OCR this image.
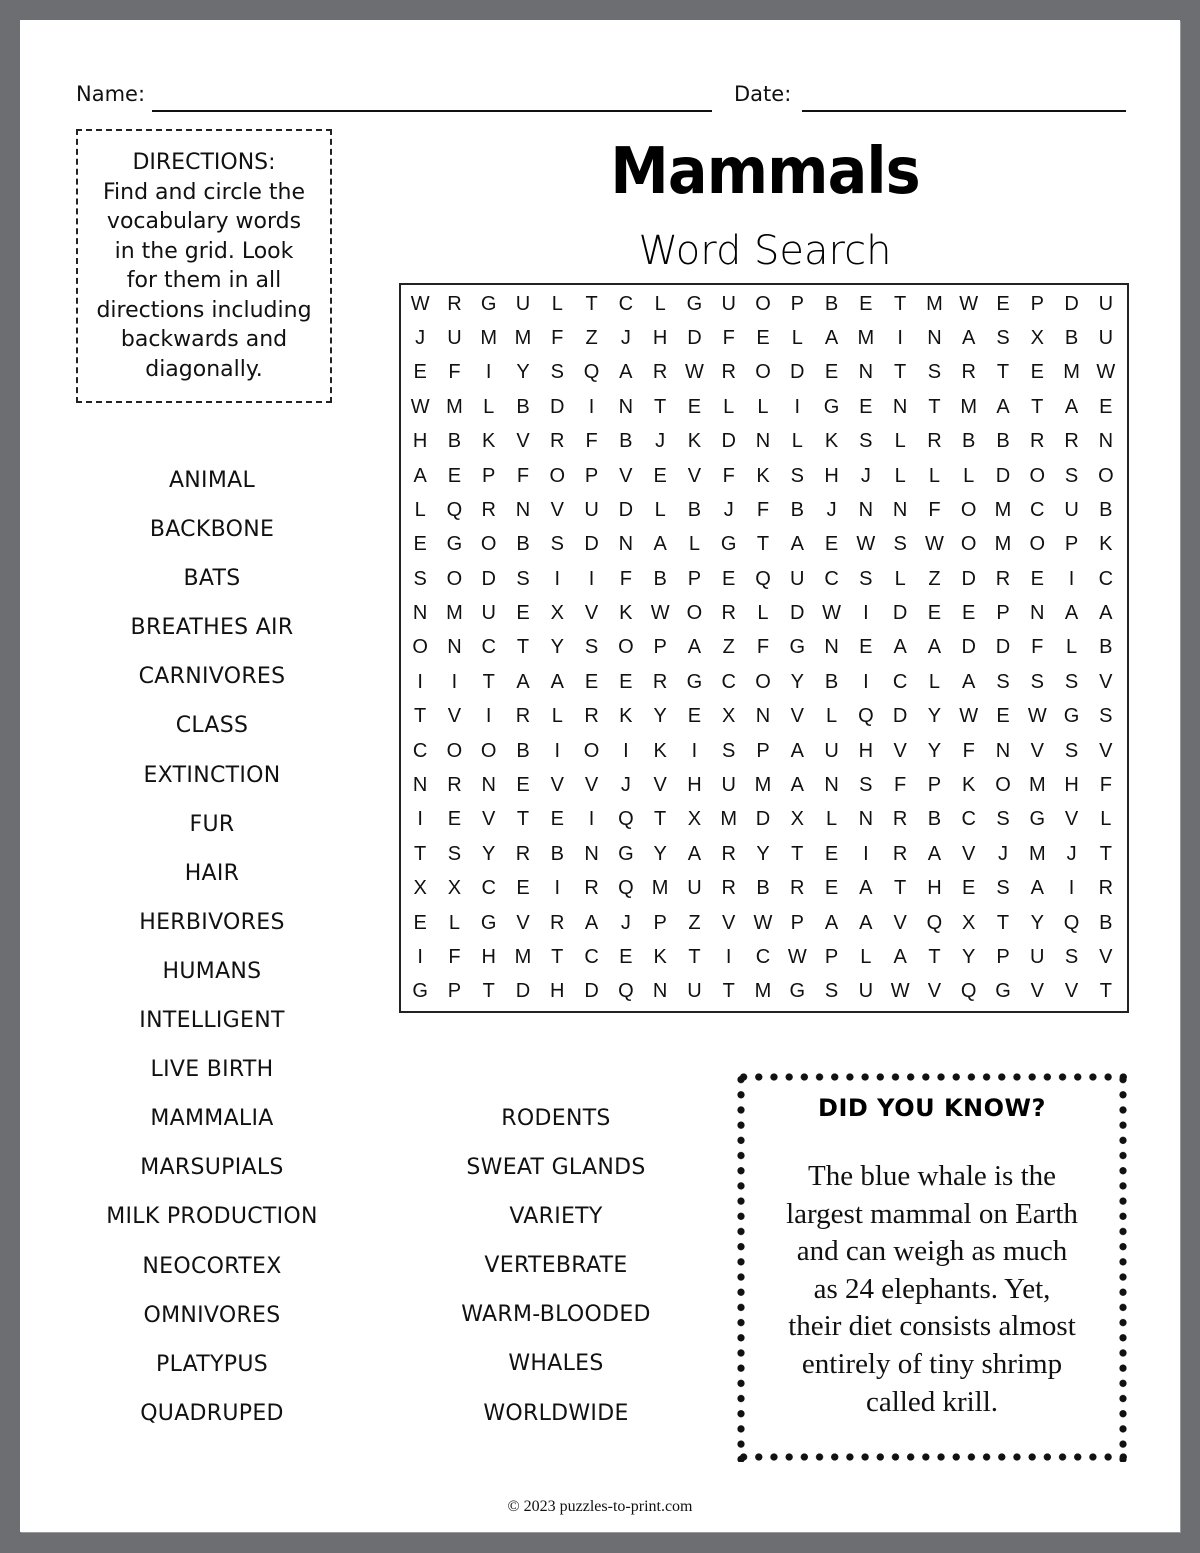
Name:	Date:
DIRECTIONS:
Find and circle the
vocabulary words
in the grid. Look
for them in all
directions including
backwards and
diagonally.
Mammals
Word Search
W R G U	L	T	C	L	G U O P	B	E	T M W E	P	D U
J	U M M F	Z	J	H D	F	E	L	A M	I	N	A	S	X	B	U
E	F	I	Y	S Q A	R W R O D	E	N	T	S	R	T	E M W
W M	L	B	D	I	N	T	E	L	L	I	G E	N	T M A	T	A	E
H	B	K	V	R	F	B	J	K	D N	L	K	S	L	R	B	B	R R N
A	E	P	F	O P	V	E	V	F	K	S	H	J	L	L	L	D O S O
L	Q R N	V	U D	L	B	J	F	B	J	N N	F	O M C U	B
E G O B	S	D N	A	L	G	T	A	E W S W O M O P	K
S O D	S	I	I	F	B	P	E Q U C	S	L	Z	D R	E	I	C
N M U	E	X	V	K W O R	L	D W	I	D	E	E	P	N	A	A
O N C	T	Y	S O P	A	Z	F	G N	E	A	A	D D	F	L	B
I	I	T	A	A	E	E	R G C O Y	B	I	C	L	A	S	S	S	V
T	V	I	R	L	R	K	Y	E	X	N	V	L	Q D	Y W E W G S
C O O B	I	O	I	K	I	S	P	A	U H	V	Y	F	N	V	S	V
N R N	E	V	V	J	V	H U M A	N	S	F	P	K O M H	F
I	E	V	T	E	I	Q	T	X M D	X	L	N R	B	C	S G V	L
T	S	Y	R	B	N G Y	A	R	Y	T	E	I	R	A	V	J	M	J	T
X	X	C	E	I	R Q M U R	B	R	E	A	T	H	E	S	A	I	R
E	L	G V	R	A	J	P	Z	V W P	A	A	V Q X	T	Y Q B
I	F	H M T	C	E	K	T	I	C W P	L	A	T	Y	P	U	S	V
G P	T	D H D Q N U	T M G S	U W V Q G V	V	T
ANIMAL
BACKBONE
BATS
BREATHES AIR
CARNIVORES
CLASS
EXTINCTION
FUR
HAIR
HERBIVORES
HUMANS
INTELLIGENT
LIVE BIRTH
MAMMALIA
MARSUPIALS
MILK PRODUCTION
NEOCORTEX
OMNIVORES
PLATYPUS
QUADRUPED
RODENTS
SWEAT GLANDS
VARIETY
VERTEBRATE
WARM-BLOODED
WHALES
WORLDWIDE
DID YOU KNOW?
The blue whale is the
largest mammal on Earth
and can weigh as much
as 24 elephants. Yet,
their diet consists almost
entirely of tiny shrimp
called krill.
© 2023 puzzles-to-print.com
